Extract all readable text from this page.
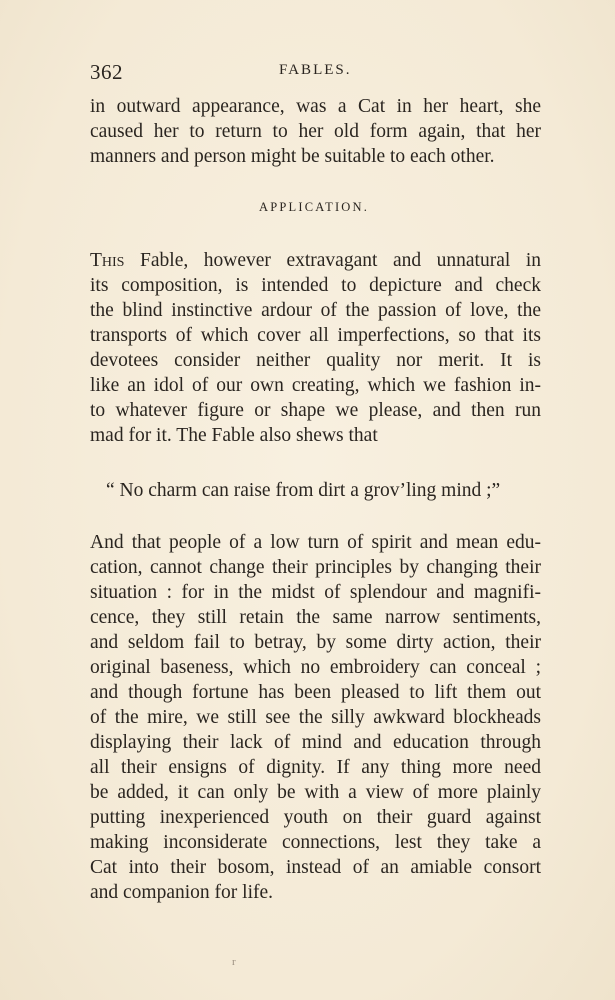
362	FABLES.
in outward appearance, was a Cat in her heart, she
caused her to return to her old form again, that her
manners and person might be suitable to each other.
APPLICATION.
This Fable, however extravagant and unnatural in
its composition, is intended to depicture and check
the blind instinctive ardour of the passion of love, the
transports of which cover all imperfections, so that its
devotees consider neither quality nor merit. It is
like an idol of our own creating, which we fashion in-
to whatever figure or shape we please, and then run
mad for it. The Fable also shews that
“ No charm can raise from dirt a grov’ling mind ;”
And that people of a low turn of spirit and mean edu-
cation, cannot change their principles by changing their
situation : for in the midst of splendour and magnifi-
cence, they still retain the same narrow sentiments,
and seldom fail to betray, by some dirty action, their
original baseness, which no embroidery can conceal ;
and though fortune has been pleased to lift them out
of the mire, we still see the silly awkward blockheads
displaying their lack of mind and education through
all their ensigns of dignity. If any thing more need
be added, it can only be with a view of more plainly
putting inexperienced youth on their guard against
making inconsiderate connections, lest they take a
Cat into their bosom, instead of an amiable consort
and companion for life.
r
